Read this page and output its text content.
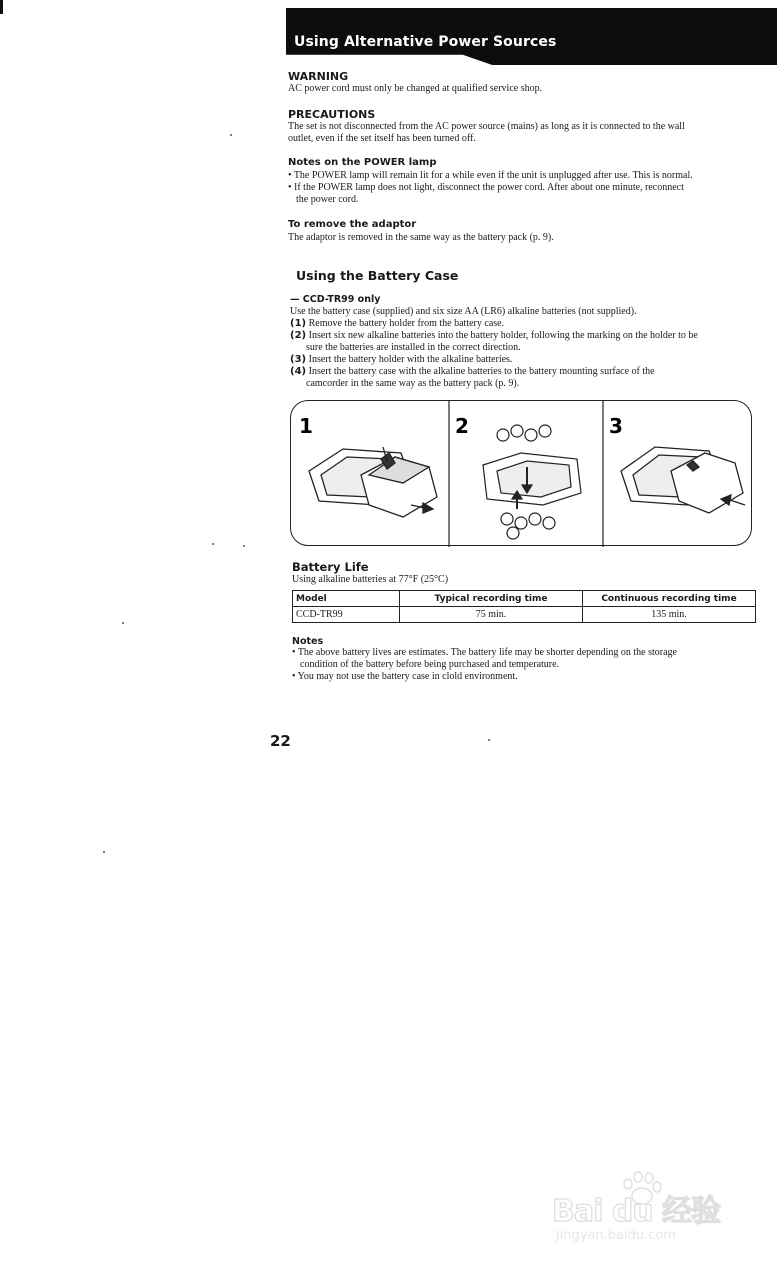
Using Alternative Power Sources
WARNING
AC power cord must only be changed at qualified service shop.
PRECAUTIONS
The set is not disconnected from the AC power source (mains) as long as it is connected to the wall
outlet, even if the set itself has been turned off.
Notes on the POWER lamp
• The POWER lamp will remain lit for a while even if the unit is unplugged after use. This is normal.
• If the POWER lamp does not light, disconnect the power cord. After about one minute, reconnect
the power cord.
To remove the adaptor
The adaptor is removed in the same way as the battery pack (p. 9).
Using the Battery Case
— CCD-TR99 only
Use the battery case (supplied) and six size AA (LR6) alkaline batteries (not supplied).
(1) Remove the battery holder from the battery case.
(2) Insert six new alkaline batteries into the battery holder, following the marking on the holder to be
sure the batteries are installed in the correct direction.
(3) Insert the battery holder with the alkaline batteries.
(4) Insert the battery case with the alkaline batteries to the battery mounting surface of the
camcorder in the same way as the battery pack (p. 9).
1	2	3
Battery Life
Using alkaline batteries at 77°F (25°C)
Model	Typical recording time	Continuous recording time
CCD-TR99	75 min.	135 min.
Notes
• The above battery lives are estimates. The battery life may be shorter depending on the storage
condition of the battery before being purchased and temperature.
• You may not use the battery case in clold environment.
22
Bai du 经验
jingyan.baidu.com
